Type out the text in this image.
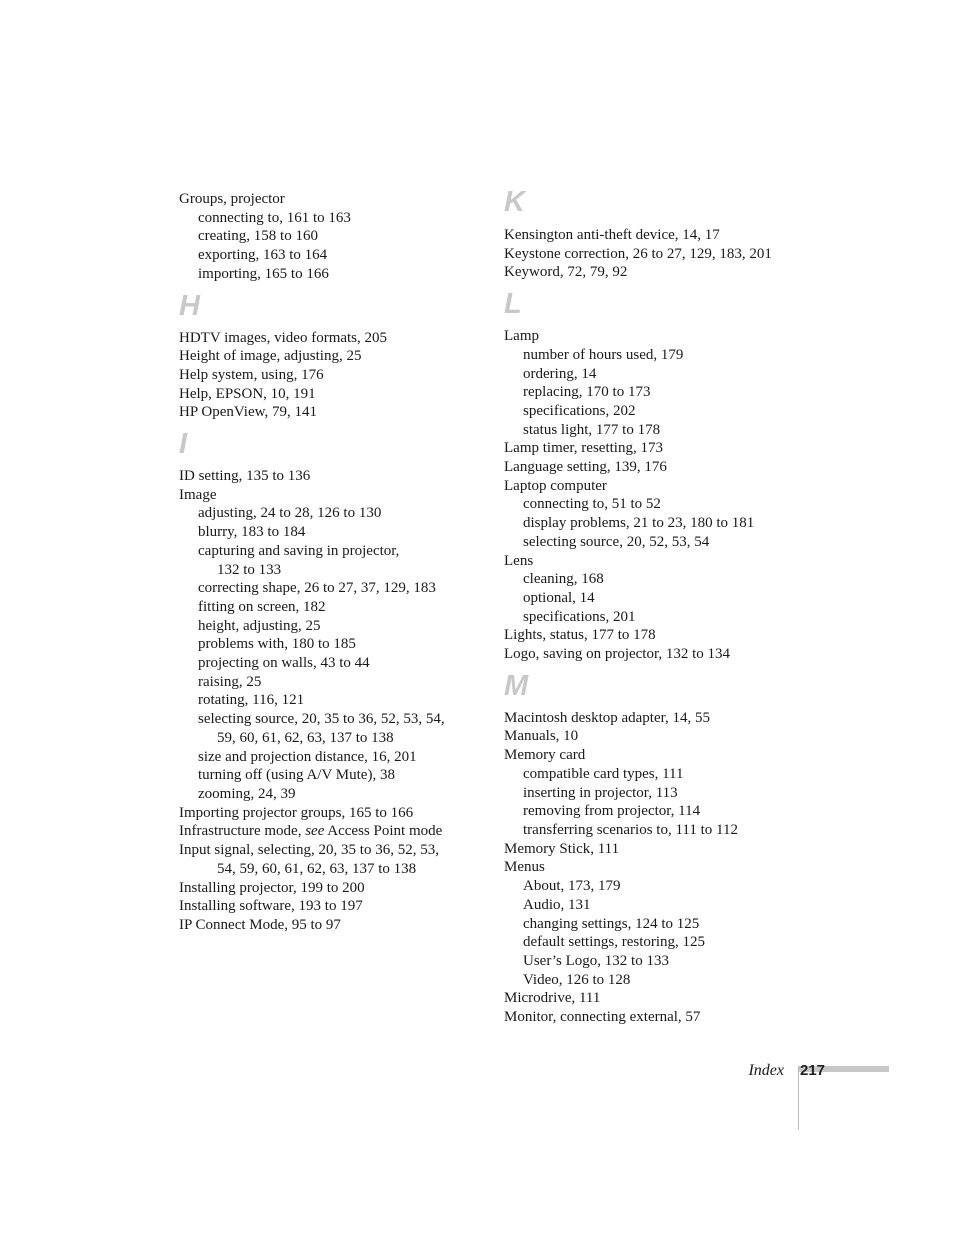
Groups, projector
connecting to, 161 to 163
creating, 158 to 160
exporting, 163 to 164
importing, 165 to 166
H
HDTV images, video formats, 205
Height of image, adjusting, 25
Help system, using, 176
Help, EPSON, 10, 191
HP OpenView, 79, 141
I
ID setting, 135 to 136
Image
adjusting, 24 to 28, 126 to 130
blurry, 183 to 184
capturing and saving in projector,
132 to 133
correcting shape, 26 to 27, 37, 129, 183
fitting on screen, 182
height, adjusting, 25
problems with, 180 to 185
projecting on walls, 43 to 44
raising, 25
rotating, 116, 121
selecting source, 20, 35 to 36, 52, 53, 54,
59, 60, 61, 62, 63, 137 to 138
size and projection distance, 16, 201
turning off (using A/V Mute), 38
zooming, 24, 39
Importing projector groups, 165 to 166
Infrastructure mode, see Access Point mode
Input signal, selecting, 20, 35 to 36, 52, 53,
54, 59, 60, 61, 62, 63, 137 to 138
Installing projector, 199 to 200
Installing software, 193 to 197
IP Connect Mode, 95 to 97
K
Kensington anti-theft device, 14, 17
Keystone correction, 26 to 27, 129, 183, 201
Keyword, 72, 79, 92
L
Lamp
number of hours used, 179
ordering, 14
replacing, 170 to 173
specifications, 202
status light, 177 to 178
Lamp timer, resetting, 173
Language setting, 139, 176
Laptop computer
connecting to, 51 to 52
display problems, 21 to 23, 180 to 181
selecting source, 20, 52, 53, 54
Lens
cleaning, 168
optional, 14
specifications, 201
Lights, status, 177 to 178
Logo, saving on projector, 132 to 134
M
Macintosh desktop adapter, 14, 55
Manuals, 10
Memory card
compatible card types, 111
inserting in projector, 113
removing from projector, 114
transferring scenarios to, 111 to 112
Memory Stick, 111
Menus
About, 173, 179
Audio, 131
changing settings, 124 to 125
default settings, restoring, 125
User’s Logo, 132 to 133
Video, 126 to 128
Microdrive, 111
Monitor, connecting external, 57
Index 217
